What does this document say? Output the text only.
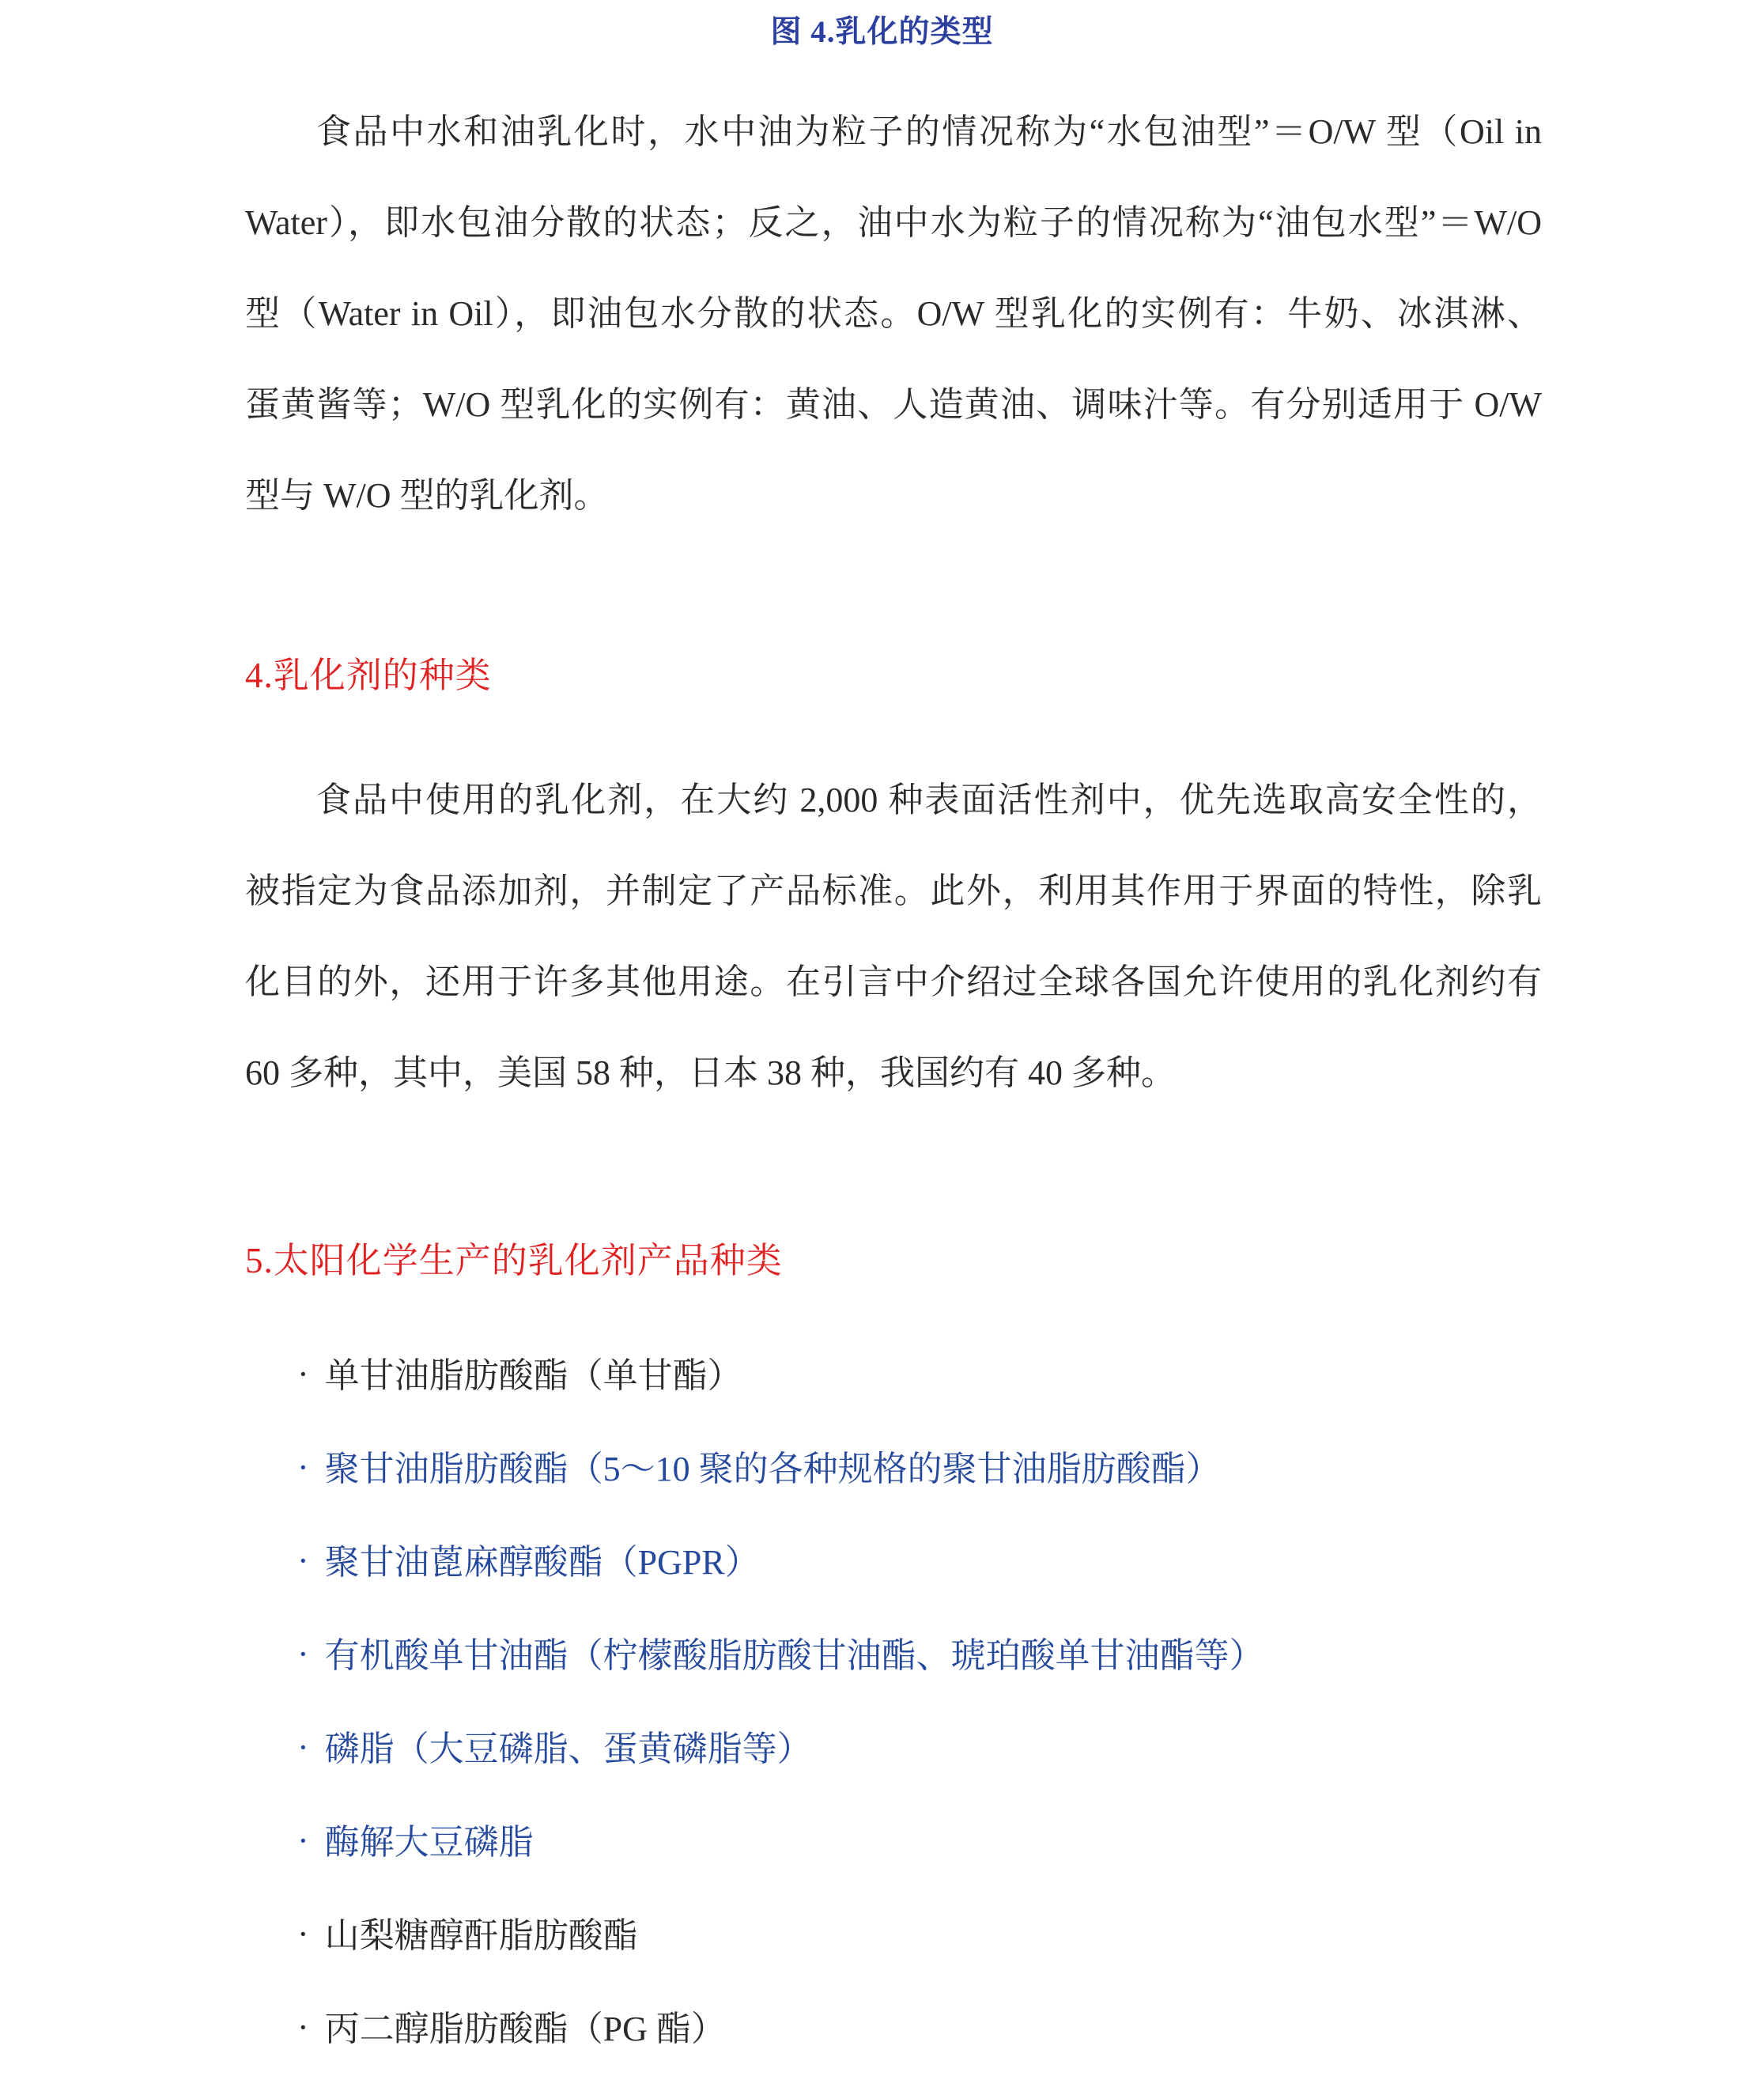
图 4.乳化的类型
食品中水和油乳化时，水中油为粒子的情况称为“水包油型”＝O/W 型（Oil in
Water），即水包油分散的状态；反之，油中水为粒子的情况称为“油包水型”＝W/O
型（Water in Oil），即油包水分散的状态。O/W 型乳化的实例有：牛奶、冰淇淋、
蛋黄酱等；W/O 型乳化的实例有：黄油、人造黄油、调味汁等。有分别适用于 O/W
型与 W/O 型的乳化剂。
4.乳化剂的种类
食品中使用的乳化剂，在大约 2,000 种表面活性剂中，优先选取高安全性的，
被指定为食品添加剂，并制定了产品标准。此外，利用其作用于界面的特性，除乳
化目的外，还用于许多其他用途。在引言中介绍过全球各国允许使用的乳化剂约有
60 多种，其中，美国 58 种，日本 38 种，我国约有 40 多种。
5.太阳化学生产的乳化剂产品种类
· 单甘油脂肪酸酯（单甘酯）
· 聚甘油脂肪酸酯（5～10 聚的各种规格的聚甘油脂肪酸酯）
· 聚甘油蓖麻醇酸酯（PGPR）
· 有机酸单甘油酯（柠檬酸脂肪酸甘油酯、琥珀酸单甘油酯等）
· 磷脂（大豆磷脂、蛋黄磷脂等）
· 酶解大豆磷脂
· 山梨糖醇酐脂肪酸酯
· 丙二醇脂肪酸酯（PG 酯）
